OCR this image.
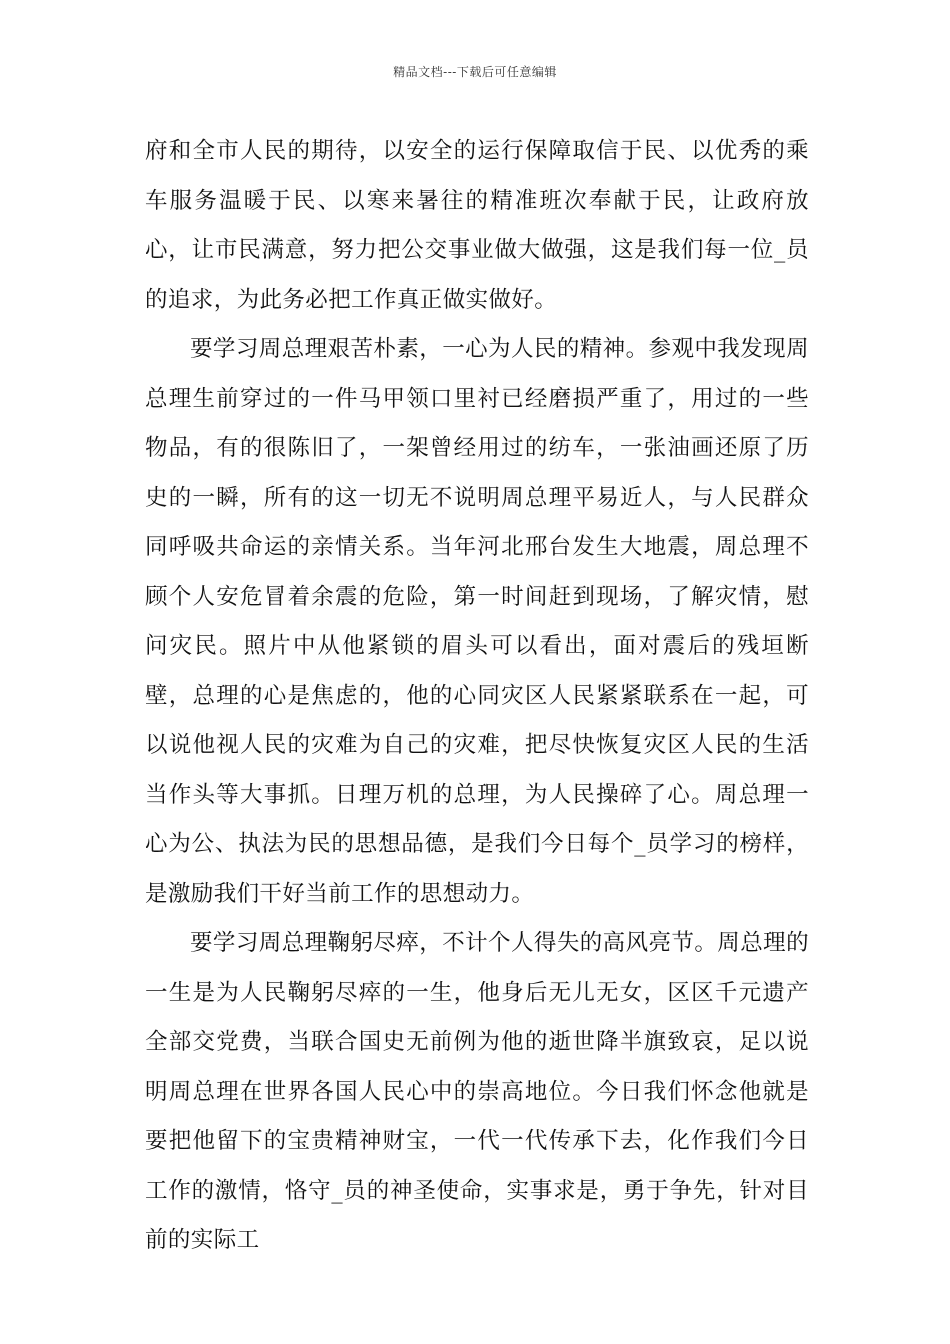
精品文档---下载后可任意编辑

府和全市人民的期待，以安全的运行保障取信于民、以优秀的乘车服务温暖于民、以寒来暑往的精准班次奉献于民，让政府放心，让市民满意，努力把公交事业做大做强，这是我们每一位_员的追求，为此务必把工作真正做实做好。

要学习周总理艰苦朴素，一心为人民的精神。参观中我发现周总理生前穿过的一件马甲领口里衬已经磨损严重了，用过的一些物品，有的很陈旧了，一架曾经用过的纺车，一张油画还原了历史的一瞬，所有的这一切无不说明周总理平易近人，与人民群众同呼吸共命运的亲情关系。当年河北邢台发生大地震，周总理不顾个人安危冒着余震的危险，第一时间赶到现场，了解灾情，慰问灾民。照片中从他紧锁的眉头可以看出，面对震后的残垣断壁，总理的心是焦虑的，他的心同灾区人民紧紧联系在一起，可以说他视人民的灾难为自己的灾难，把尽快恢复灾区人民的生活当作头等大事抓。日理万机的总理，为人民操碎了心。周总理一心为公、执法为民的思想品德，是我们今日每个_员学习的榜样，是激励我们干好当前工作的思想动力。

要学习周总理鞠躬尽瘁，不计个人得失的高风亮节。周总理的一生是为人民鞠躬尽瘁的一生，他身后无儿无女，区区千元遗产全部交党费，当联合国史无前例为他的逝世降半旗致哀，足以说明周总理在世界各国人民心中的崇高地位。今日我们怀念他就是要把他留下的宝贵精神财宝，一代一代传承下去，化作我们今日工作的激情，恪守_员的神圣使命，实事求是，勇于争先，针对目前的实际工
